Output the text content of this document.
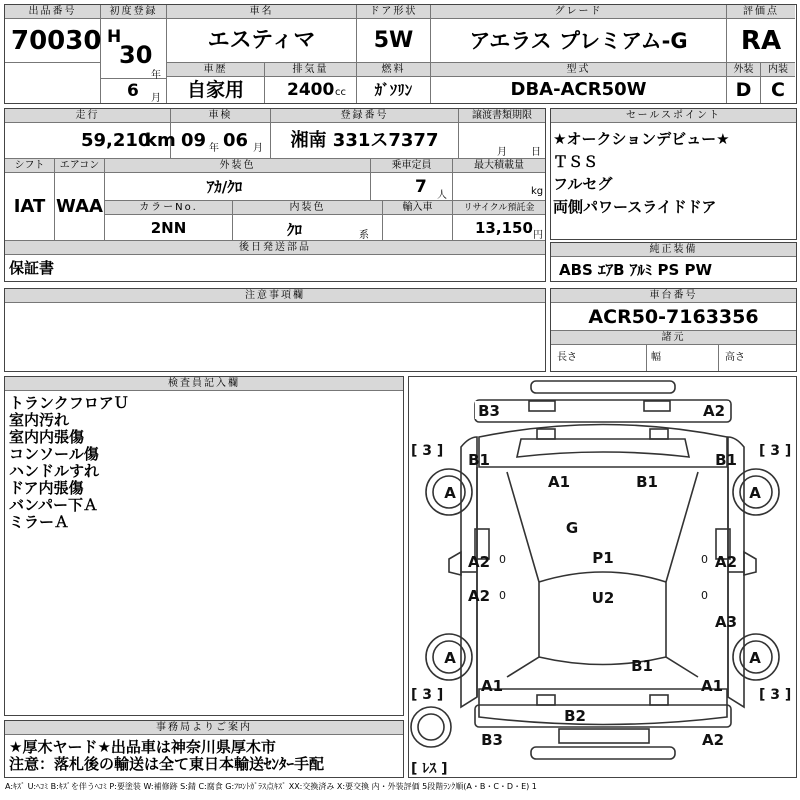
出品番号
70030
初度登録
H
30
年
6 月
車名
エスティマ
車歴
自家用
排気量
2400 cc
ドア形状
5W
燃料
ｶﾞｿﾘﾝ
グレード
アエラス プレミアム-G
型式
DBA-ACR50W
評価点
RA
外装	内装
D	C
走行
59,210
km
車検
09 年 06 月
登録番号
湘南 331ス7377
譲渡書類期限
月 日
シフト
IAT
エアコン
WAA
外装色
ｱｶ/ｸﾛ
乗車定員
7 人
最大積載量
kg
カラーNo.
2NN
内装色
ｸﾛ	系
輸入車	リサイクル預託金
13,150 円
後日発送部品
保証書
セールスポイント
★オークションデビュー★
ＴＳＳ
フルセグ
両側パワースライドドア
純正装備
ABS ｴｱB ｱﾙﾐ PS PW
注意事項欄	車台番号
ACR50-7163356
諸元
長さ	幅	高さ
検査員記入欄
トランクフロアＵ
室内汚れ
室内内張傷
コンソール傷
ハンドルすれ
ドア内張傷
バンパー下Ａ
ミラーＡ
事務局よりご案内
★厚木ヤード★出品車は神奈川県厚木市
注意：落札後の輸送は全て東日本輸送ｾﾝﾀｰ手配
B3	A2
B1	B1
A1	B1
G
A2	A2
P1
A2
A3
U2
B1
A1	A1
B2
B3	A2
A	A
A	A
[ 3 ]	[ 3 ]
[ 3 ]	[ 3 ]
[ ﾚｽ ]
0	0
0	0
A:ｷｽﾞ U:ﾍｺﾐ B:ｷｽﾞを伴うﾍｺﾐ P:要塗装 W:補修跡 S:錆 C:腐食 G:ﾌﾛﾝﾄｶﾞﾗｽ点ｷｽﾞ XX:交換済み X:要交換 内・外装評価 5段階ﾗﾝｸ順(A・B・C・D・E) 1
